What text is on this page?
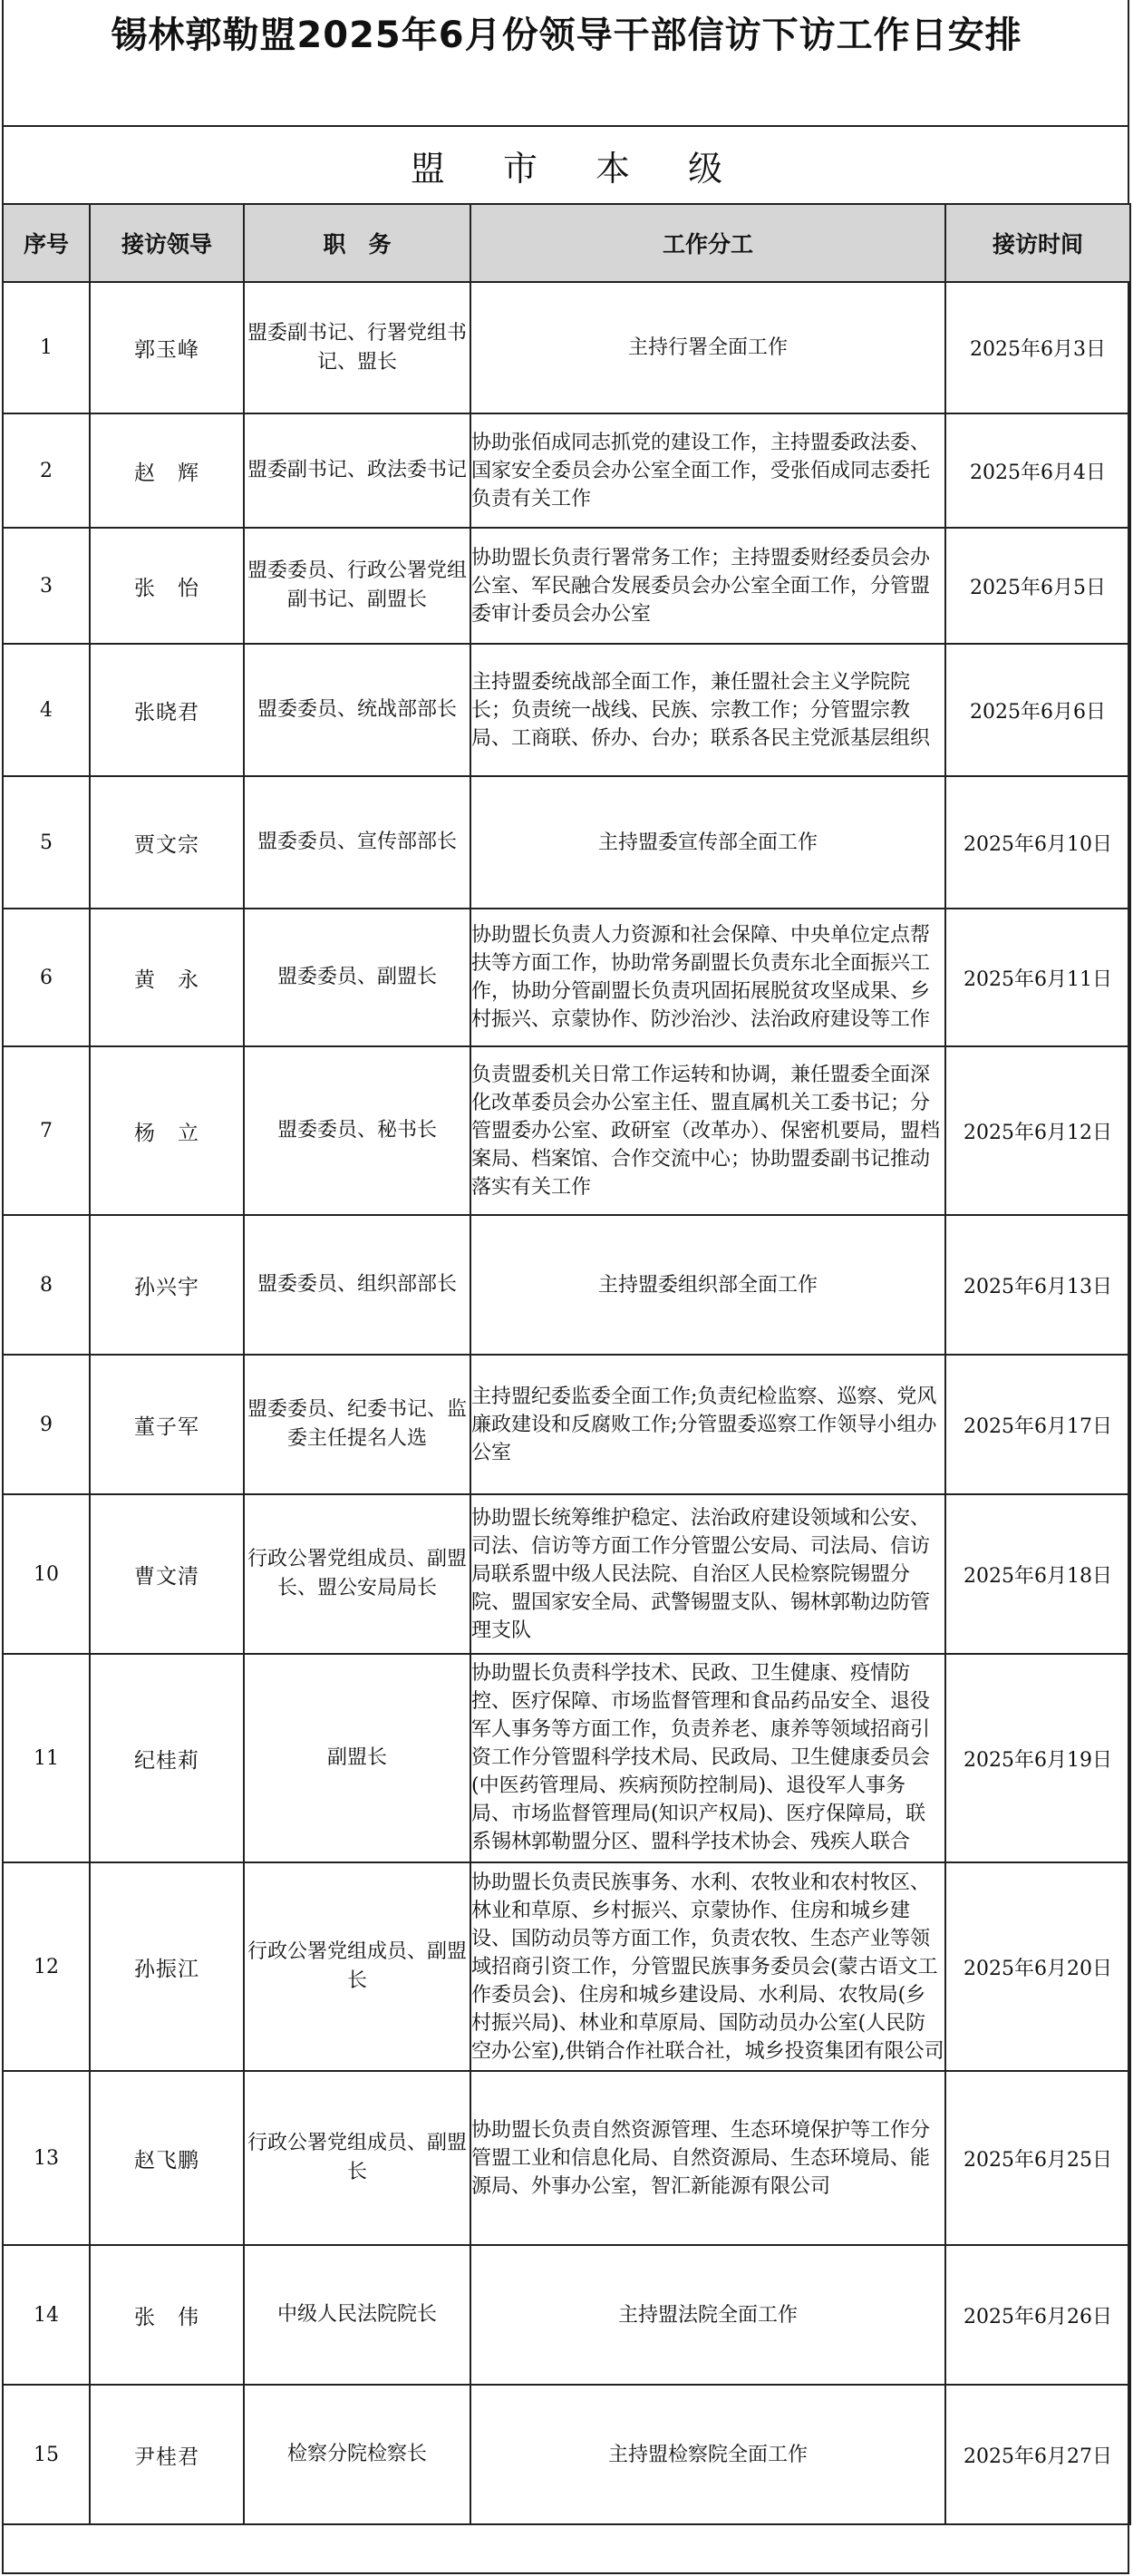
锡林郭勒盟2025年6月份领导干部信访下访工作日安排
盟 市 本 级
序号	接访领导	职　务	工作分工	接访时间

1	郭玉峰	盟委副书记、行署党组书记、盟长	主持行署全面工作	2025年6月3日

2	赵　辉	盟委副书记、政法委书记	协助张佰成同志抓党的建设工作，主持盟委政法委、国家安全委员会办公室全面工作，受张佰成同志委托负责有关工作	2025年6月4日

3	张　怡	盟委委员、行政公署党组副书记、副盟长	协助盟长负责行署常务工作；主持盟委财经委员会办公室、军民融合发展委员会办公室全面工作，分管盟委审计委员会办公室	2025年6月5日

4	张晓君	盟委委员、统战部部长	主持盟委统战部全面工作，兼任盟社会主义学院院长；负责统一战线、民族、宗教工作；分管盟宗教局、工商联、侨办、台办；联系各民主党派基层组织	2025年6月6日

5	贾文宗	盟委委员、宣传部部长	主持盟委宣传部全面工作	2025年6月10日

6	黄　永	盟委委员、副盟长	协助盟长负责人力资源和社会保障、中央单位定点帮扶等方面工作，协助常务副盟长负责东北全面振兴工作，协助分管副盟长负责巩固拓展脱贫攻坚成果、乡村振兴、京蒙协作、防沙治沙、法治政府建设等工作	2025年6月11日

7	杨　立	盟委委员、秘书长	负责盟委机关日常工作运转和协调，兼任盟委全面深化改革委员会办公室主任、盟直属机关工委书记；分管盟委办公室、政研室（改革办）、保密机要局，盟档案局、档案馆、合作交流中心；协助盟委副书记推动落实有关工作	2025年6月12日

8	孙兴宇	盟委委员、组织部部长	主持盟委组织部全面工作	2025年6月13日

9	董子军	盟委委员、纪委书记、监委主任提名人选	主持盟纪委监委全面工作;负责纪检监察、巡察、党风廉政建设和反腐败工作;分管盟委巡察工作领导小组办公室	2025年6月17日

10	曹文清	行政公署党组成员、副盟长、盟公安局局长	协助盟长统筹维护稳定、法治政府建设领域和公安、司法、信访等方面工作分管盟公安局、司法局、信访局联系盟中级人民法院、自治区人民检察院锡盟分院、盟国家安全局、武警锡盟支队、锡林郭勒边防管理支队	2025年6月18日

11	纪桂莉	副盟长	协助盟长负责科学技术、民政、卫生健康、疫情防控、医疗保障、市场监督管理和食品药品安全、退役军人事务等方面工作，负责养老、康养等领域招商引资工作分管盟科学技术局、民政局、卫生健康委员会(中医药管理局、疾病预防控制局)、退役军人事务局、市场监督管理局(知识产权局)、医疗保障局，联系锡林郭勒盟分区、盟科学技术协会、残疾人联合	2025年6月19日

12	孙振江	行政公署党组成员、副盟长	协助盟长负责民族事务、水利、农牧业和农村牧区、林业和草原、乡村振兴、京蒙协作、住房和城乡建设、国防动员等方面工作，负责农牧、生态产业等领域招商引资工作，分管盟民族事务委员会(蒙古语文工作委员会)、住房和城乡建设局、水利局、农牧局(乡村振兴局)、林业和草原局、国防动员办公室(人民防空办公室),供销合作社联合社，城乡投资集团有限公司	2025年6月20日

13	赵飞鹏	行政公署党组成员、副盟长	协助盟长负责自然资源管理、生态环境保护等工作分管盟工业和信息化局、自然资源局、生态环境局、能源局、外事办公室，智汇新能源有限公司	2025年6月25日

14	张　伟	中级人民法院院长	主持盟法院全面工作	2025年6月26日

15	尹桂君	检察分院检察长	主持盟检察院全面工作	2025年6月27日
